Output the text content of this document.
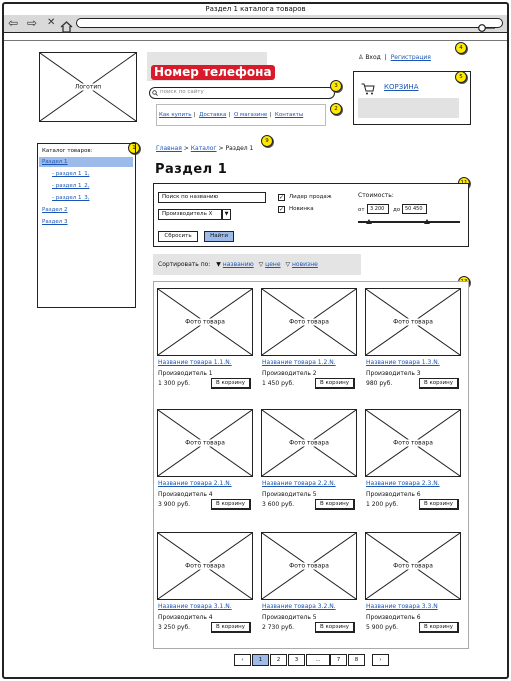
Раздел 1 каталога товаров
⇦ ⇨ ✕
Логотип
Номер телефона
поиск по сайту
Как купить | Доставка | О магазине | Контакты
♙ Вход | Регистрация
КОРЗИНА
1
2
3
4
5
9
Каталог товаров:
Раздел 1
- раздел 1_1,
- раздел 1_2,
- раздел 1_3,
Раздел 2
Раздел 3
Главная > Каталог > Раздел 1
Раздел 1
Поиск по названию
Производитель X	▼
✓ Лидер продаж
✓ Новинка
Стоимость:
от	3 200	до 50 450
Сбросить	Найти
Сортировать по: ▼ названию ▽ цене ▽ новизне
Фото товара
Название товара 1.1.N.
Производитель 1
1 300 руб.	В корзину
Фото товара
Название товара 1.2.N.
Производитель 2
1 450 руб.	В корзину
Фото товара
Название товара 1.3.N.
Производитель 3
980 руб.	В корзину
Фото товара
Название товара 2.1.N.
Производитель 4
3 900 руб.	В корзину
Фото товара
Название товара 2.2.N.
Производитель 5
3 600 руб.	В корзину
Фото товара
Название товара 2.3.N.
Производитель 6
1 200 руб.	В корзину
Фото товара
Название товара 3.1.N.
Производитель 4
3 250 руб.	В корзину
Фото товара
Название товара 3.2.N.
Производитель 5
2 730 руб.	В корзину
Фото товара
Название товара 3.3.N
Производитель 6
5 900 руб.	В корзину
‹	1	2	3	...	7	8	›
